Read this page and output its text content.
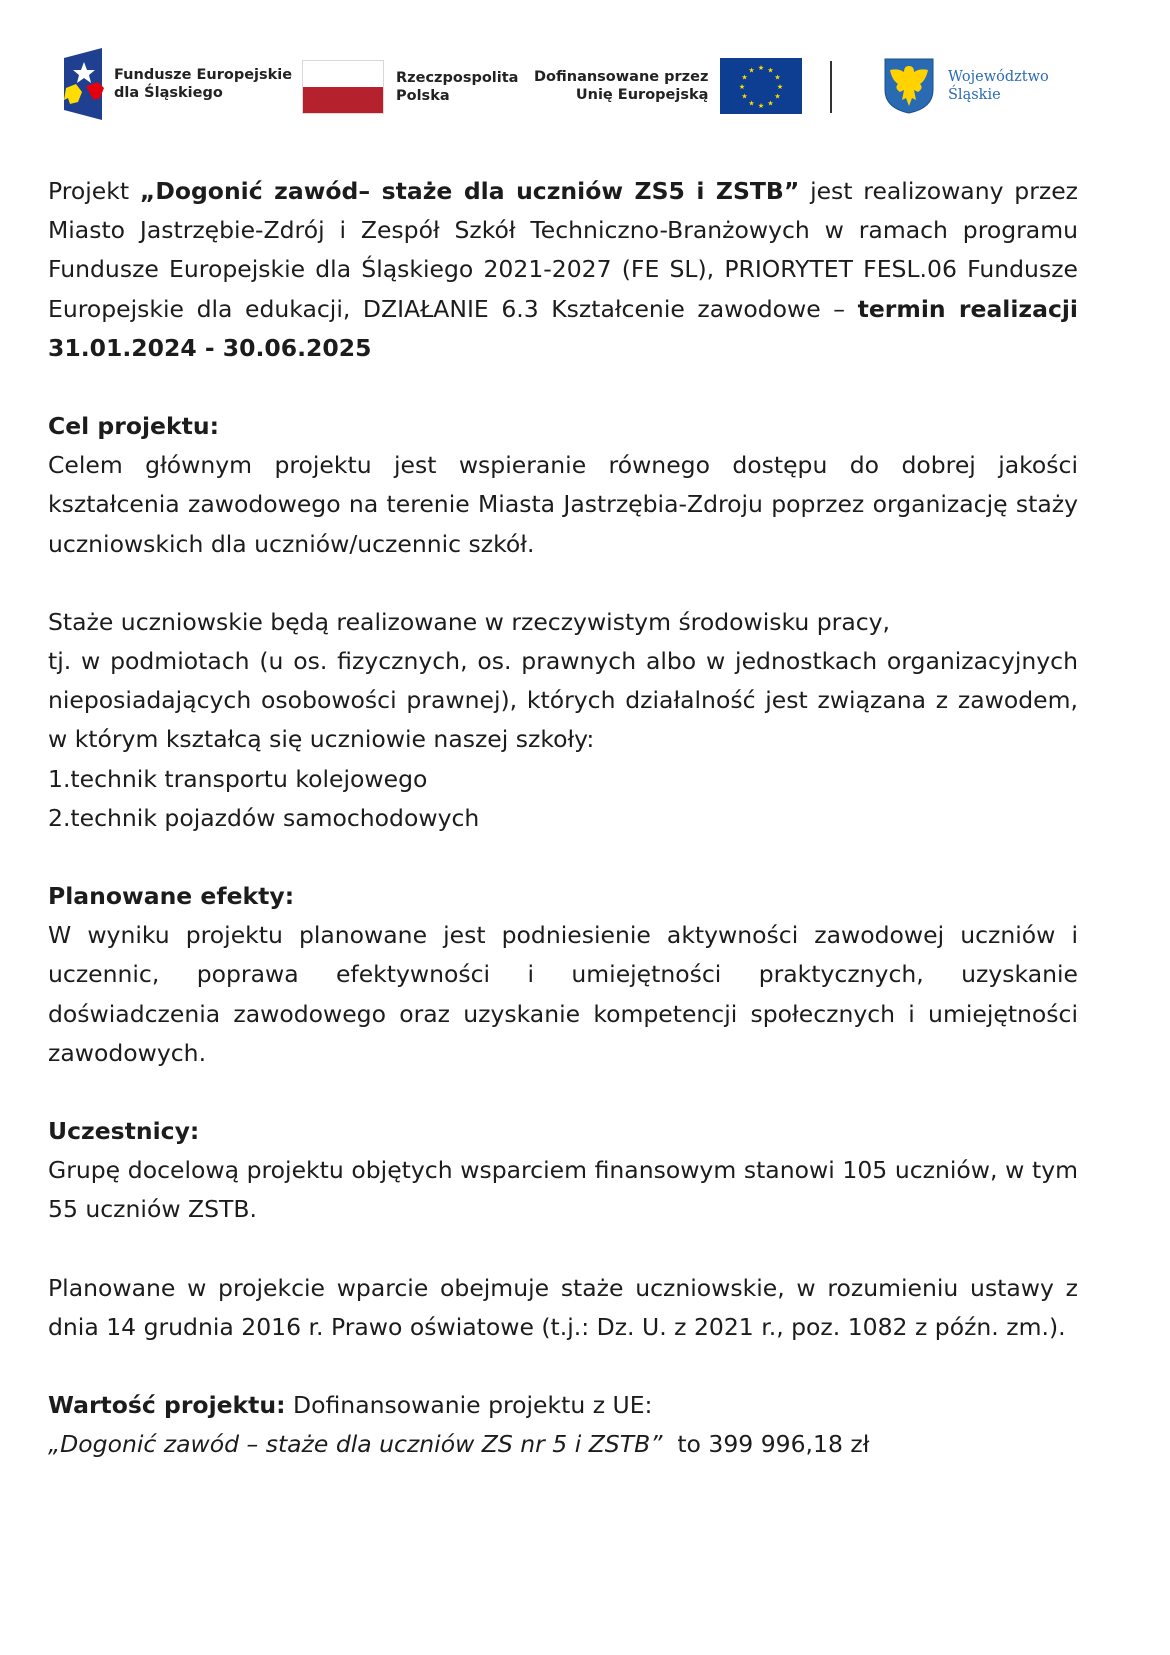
Fundusze Europejskie
dla Śląskiego
Rzeczpospolita
Polska
Dofinansowane przez
Unię Europejską
★ ★
★
★
★
★
★
★
★
★
★
★	Województwo
Śląskie

Projekt „Dogonić zawód– staże dla uczniów ZS5 i ZSTB” jest realizowany przez Miasto Jastrzębie-Zdrój i Zespół Szkół Techniczno-Branżowych w ramach programu Fundusze Europejskie dla Śląskiego 2021-2027 (FE SL), PRIORYTET FESL.06 Fundusze Europejskie dla edukacji, DZIAŁANIE 6.3 Kształcenie zawodowe – termin realizacji 31.01.2024 - 30.06.2025

Cel projektu:

Celem głównym projektu jest wspieranie równego dostępu do dobrej jakości kształcenia zawodowego na terenie Miasta Jastrzębia-Zdroju poprzez organizację staży uczniowskich dla uczniów/uczennic szkół.

Staże uczniowskie będą realizowane w rzeczywistym środowisku pracy,

tj. w podmiotach (u os. fizycznych, os. prawnych albo w jednostkach organizacyjnych nieposiadających osobowości prawnej), których działalność jest związana z zawodem, w którym kształcą się uczniowie naszej szkoły:

1.technik transportu kolejowego

2.technik pojazdów samochodowych

Planowane efekty:

W wyniku projektu planowane jest podniesienie aktywności zawodowej uczniów i uczennic, poprawa efektywności i umiejętności praktycznych, uzyskanie doświadczenia zawodowego oraz uzyskanie kompetencji społecznych i umiejętności zawodowych.

Uczestnicy:

Grupę docelową projektu objętych wsparciem finansowym stanowi 105 uczniów, w tym 55 uczniów ZSTB.

Planowane w projekcie wparcie obejmuje staże uczniowskie, w rozumieniu ustawy z dnia 14 grudnia 2016 r. Prawo oświatowe (t.j.: Dz. U. z 2021 r., poz. 1082 z późn. zm.).

Wartość projektu: Dofinansowanie projektu z UE:

„Dogonić zawód – staże dla uczniów ZS nr 5 i ZSTB”  to 399 996,18 zł
